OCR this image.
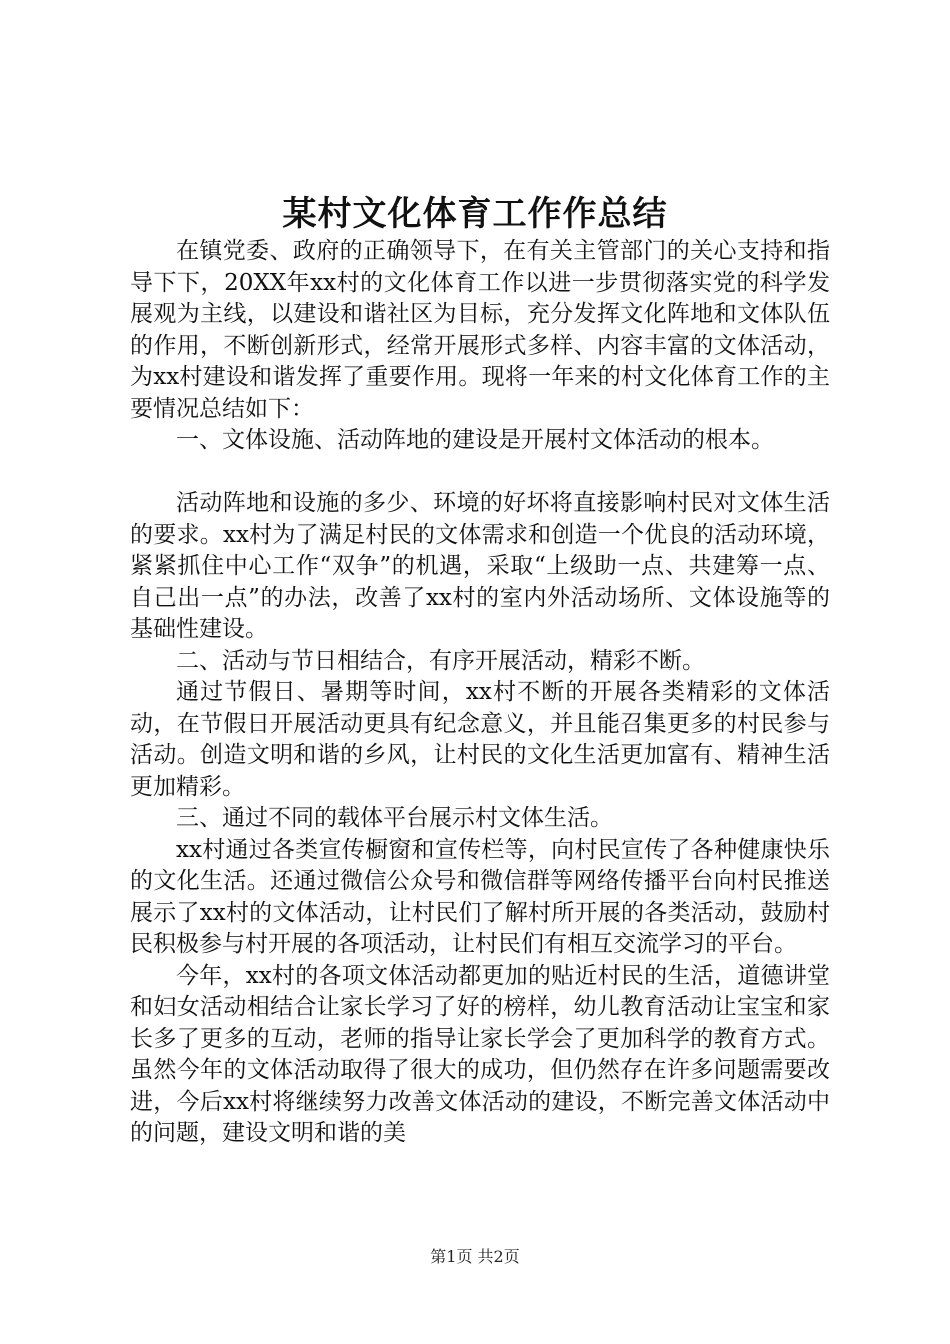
某村文化体育工作作总结

在镇党委、政府的正确领导下，在有关主管部门的关心支持和指导下下，20XX年xx村的文化体育工作以进一步贯彻落实党的科学发展观为主线，以建设和谐社区为目标，充分发挥文化阵地和文体队伍的作用，不断创新形式，经常开展形式多样、内容丰富的文体活动，为xx村建设和谐发挥了重要作用。现将一年来的村文化体育工作的主要情况总结如下：

一、文体设施、活动阵地的建设是开展村文体活动的根本。

活动阵地和设施的多少、环境的好坏将直接影响村民对文体生活的要求。xx村为了满足村民的文体需求和创造一个优良的活动环境，紧紧抓住中心工作“双争”的机遇，采取“上级助一点、共建筹一点、自己出一点”的办法，改善了xx村的室内外活动场所、文体设施等的基础性建设。

二、活动与节日相结合，有序开展活动，精彩不断。

通过节假日、暑期等时间，xx村不断的开展各类精彩的文体活动，在节假日开展活动更具有纪念意义，并且能召集更多的村民参与活动。创造文明和谐的乡风，让村民的文化生活更加富有、精神生活更加精彩。

三、通过不同的载体平台展示村文体生活。

xx村通过各类宣传橱窗和宣传栏等，向村民宣传了各种健康快乐的文化生活。还通过微信公众号和微信群等网络传播平台向村民推送展示了xx村的文体活动，让村民们了解村所开展的各类活动，鼓励村民积极参与村开展的各项活动，让村民们有相互交流学习的平台。

今年，xx村的各项文体活动都更加的贴近村民的生活，道德讲堂和妇女活动相结合让家长学习了好的榜样，幼儿教育活动让宝宝和家长多了更多的互动，老师的指导让家长学会了更加科学的教育方式。虽然今年的文体活动取得了很大的成功，但仍然存在许多问题需要改进，今后xx村将继续努力改善文体活动的建设，不断完善文体活动中的问题，建设文明和谐的美

第1页 共2页
